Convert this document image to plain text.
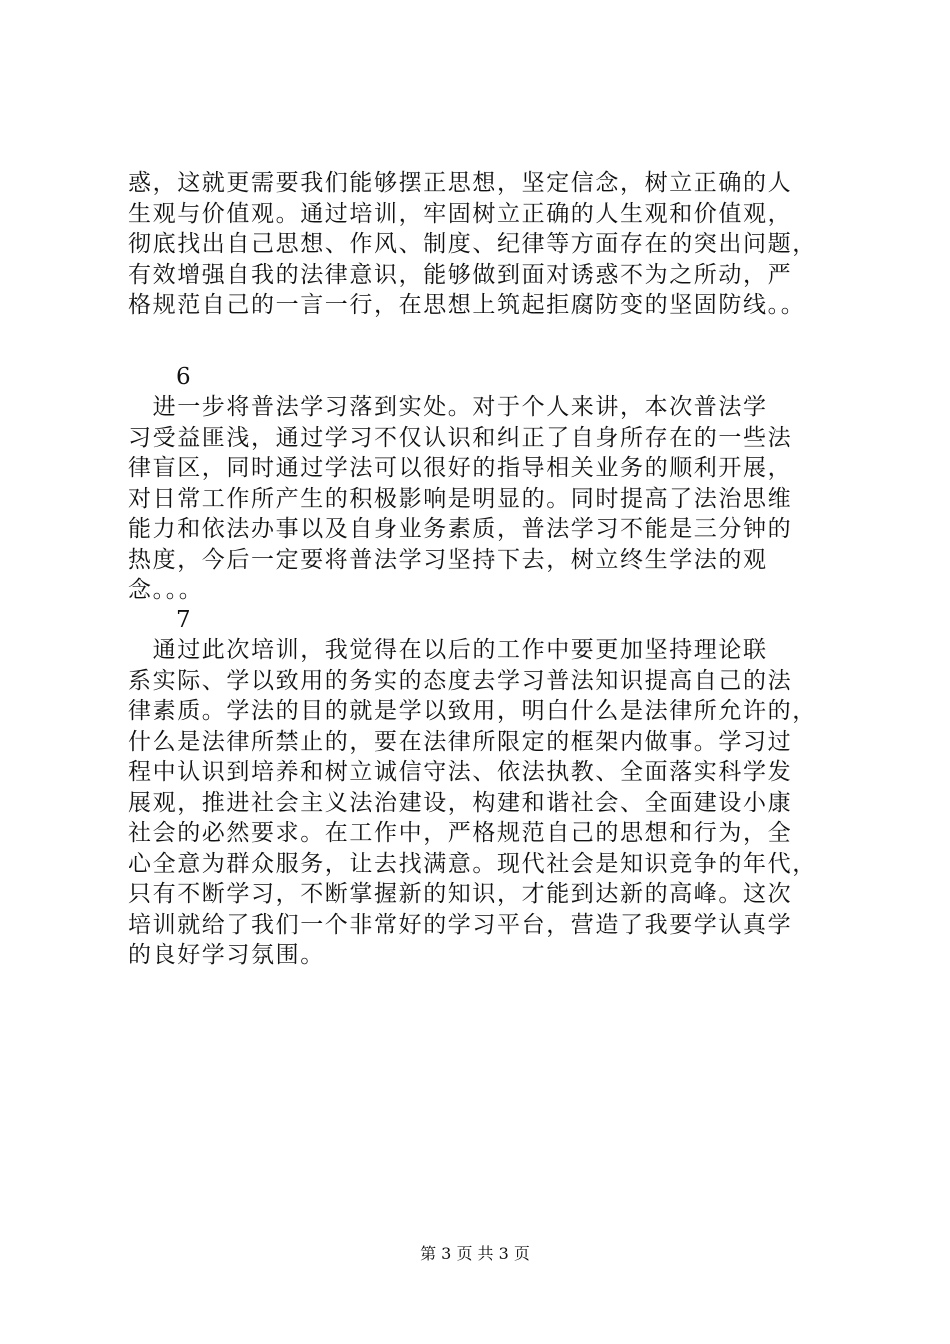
惑，这就更需要我们能够摆正思想，坚定信念，树立正确的人
生观与价值观。通过培训，牢固树立正确的人生观和价值观，
彻底找出自己思想、作风、制度、纪律等方面存在的突出问题，
有效增强自我的法律意识，能够做到面对诱惑不为之所动，严
格规范自己的一言一行，在思想上筑起拒腐防变的坚固防线。。
6
　进一步将普法学习落到实处。对于个人来讲，本次普法学
习受益匪浅，通过学习不仅认识和纠正了自身所存在的一些法
律盲区，同时通过学法可以很好的指导相关业务的顺利开展，
对日常工作所产生的积极影响是明显的。同时提高了法治思维
能力和依法办事以及自身业务素质，普法学习不能是三分钟的
热度，今后一定要将普法学习坚持下去，树立终生学法的观
念。。。
7
　通过此次培训，我觉得在以后的工作中要更加坚持理论联
系实际、学以致用的务实的态度去学习普法知识提高自己的法
律素质。学法的目的就是学以致用，明白什么是法律所允许的，
什么是法律所禁止的，要在法律所限定的框架内做事。学习过
程中认识到培养和树立诚信守法、依法执教、全面落实科学发
展观，推进社会主义法治建设，构建和谐社会、全面建设小康
社会的必然要求。在工作中，严格规范自己的思想和行为，全
心全意为群众服务，让去找满意。现代社会是知识竞争的年代，
只有不断学习，不断掌握新的知识，才能到达新的高峰。这次
培训就给了我们一个非常好的学习平台，营造了我要学认真学
的良好学习氛围。
第 3 页 共 3 页
